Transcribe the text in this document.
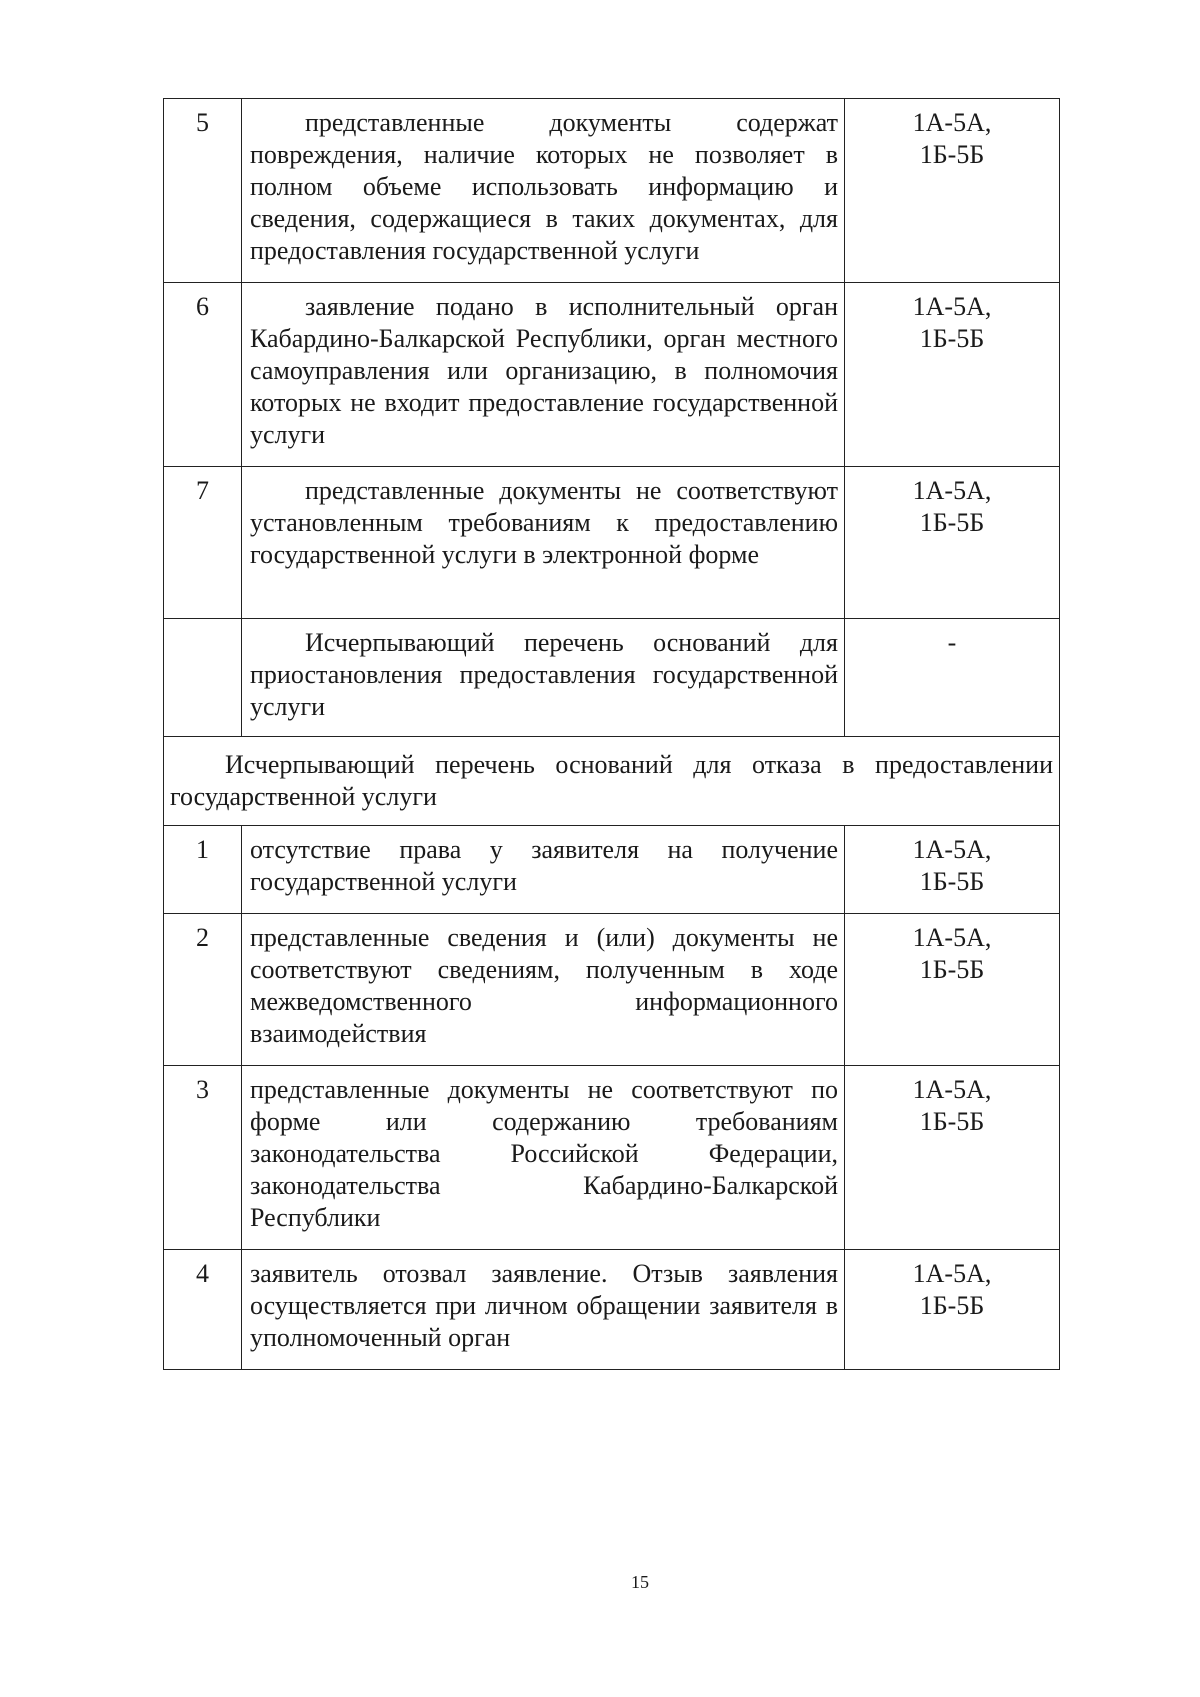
5	представленные документы содержат повреждения, наличие которых не позволяет в полном объеме использовать информацию и сведения, содержащиеся в таких документах, для предоставления государственной услуги	1А-5А,
1Б-5Б

6	заявление подано в исполнительный орган Кабардино-Балкарской Республики, орган местного самоуправления или организацию, в полномочия которых не входит предоставление государственной услуги	1А-5А,
1Б-5Б

7	представленные документы не соответствуют установленным требованиям к предоставлению государственной услуги в электронной форме	1А-5А,
1Б-5Б

	Исчерпывающий перечень оснований для приостановления предоставления государственной услуги	-

Исчерпывающий перечень оснований для отказа в предоставлении государственной услуги		

1	отсутствие права у заявителя на получение государственной услуги	1А-5А,
1Б-5Б

2	представленные сведения и (или) документы не соответствуют сведениям, полученным в ходе межведомственного информационного взаимодействия	1А-5А,
1Б-5Б

3	представленные документы не соответствуют по форме или содержанию требованиям законодательства Российской Федерации, законодательства Кабардино-Балкарской Республики	1А-5А,
1Б-5Б

4	заявитель отозвал заявление. Отзыв заявления осуществляется при личном обращении заявителя в уполномоченный орган	1А-5А,
1Б-5Б
15
